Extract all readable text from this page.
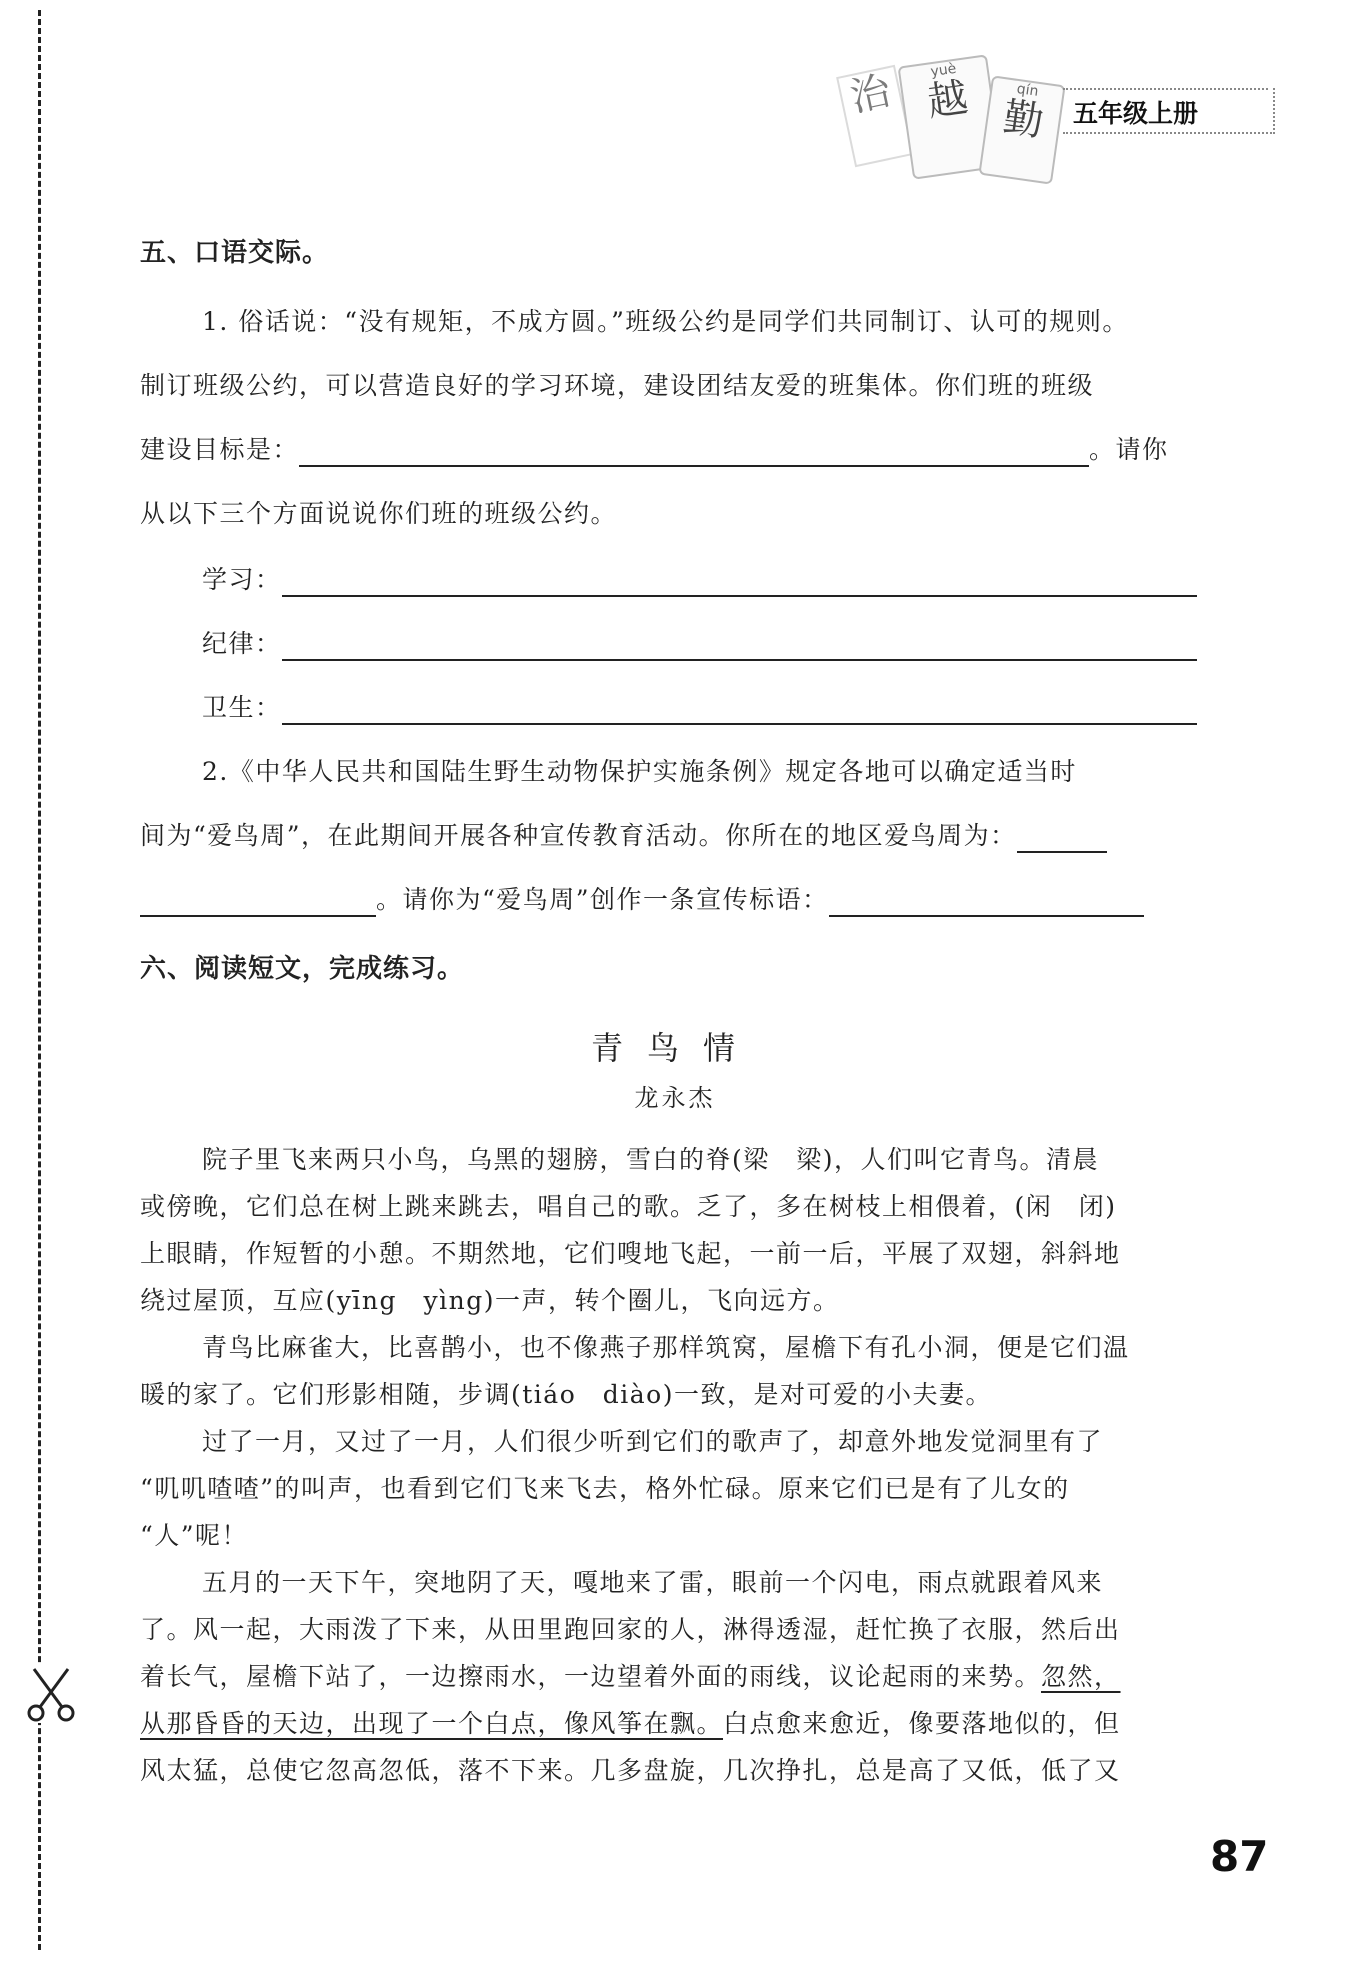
治	yuè
越	qín
勤	五年级上册
五、口语交际。
1. 俗话说：“没有规矩，不成方圆。”班级公约是同学们共同制订、认可的规则。
制订班级公约，可以营造良好的学习环境，建设团结友爱的班集体。你们班的班级
建设目标是：	。请你
从以下三个方面说说你们班的班级公约。
学习：
纪律：
卫生：
2.《中华人民共和国陆生野生动物保护实施条例》规定各地可以确定适当时
间为“爱鸟周”，在此期间开展各种宣传教育活动。你所在的地区爱鸟周为：
。请你为“爱鸟周”创作一条宣传标语：
六、阅读短文，完成练习。
青鸟情
龙永杰
院子里飞来两只小鸟，乌黑的翅膀，雪白的脊(梁　梁)，人们叫它青鸟。清晨
或傍晚，它们总在树上跳来跳去，唱自己的歌。乏了，多在树枝上相偎着，(闲　闭)
上眼睛，作短暂的小憩。不期然地，它们嗖地飞起，一前一后，平展了双翅，斜斜地
绕过屋顶，互应(yīng　yìng)一声，转个圈儿，飞向远方。
青鸟比麻雀大，比喜鹊小，也不像燕子那样筑窝，屋檐下有孔小洞，便是它们温
暖的家了。它们形影相随，步调(tiáo　diào)一致，是对可爱的小夫妻。
过了一月，又过了一月，人们很少听到它们的歌声了，却意外地发觉洞里有了
“叽叽喳喳”的叫声，也看到它们飞来飞去，格外忙碌。原来它们已是有了儿女的
“人”呢！
五月的一天下午，突地阴了天，嘎地来了雷，眼前一个闪电，雨点就跟着风来
了。风一起，大雨泼了下来，从田里跑回家的人，淋得透湿，赶忙换了衣服，然后出
着长气，屋檐下站了，一边擦雨水，一边望着外面的雨线，议论起雨的来势。忽然，
从那昏昏的天边，出现了一个白点，像风筝在飘。白点愈来愈近，像要落地似的，但
风太猛，总使它忽高忽低，落不下来。几多盘旋，几次挣扎，总是高了又低，低了又
87
